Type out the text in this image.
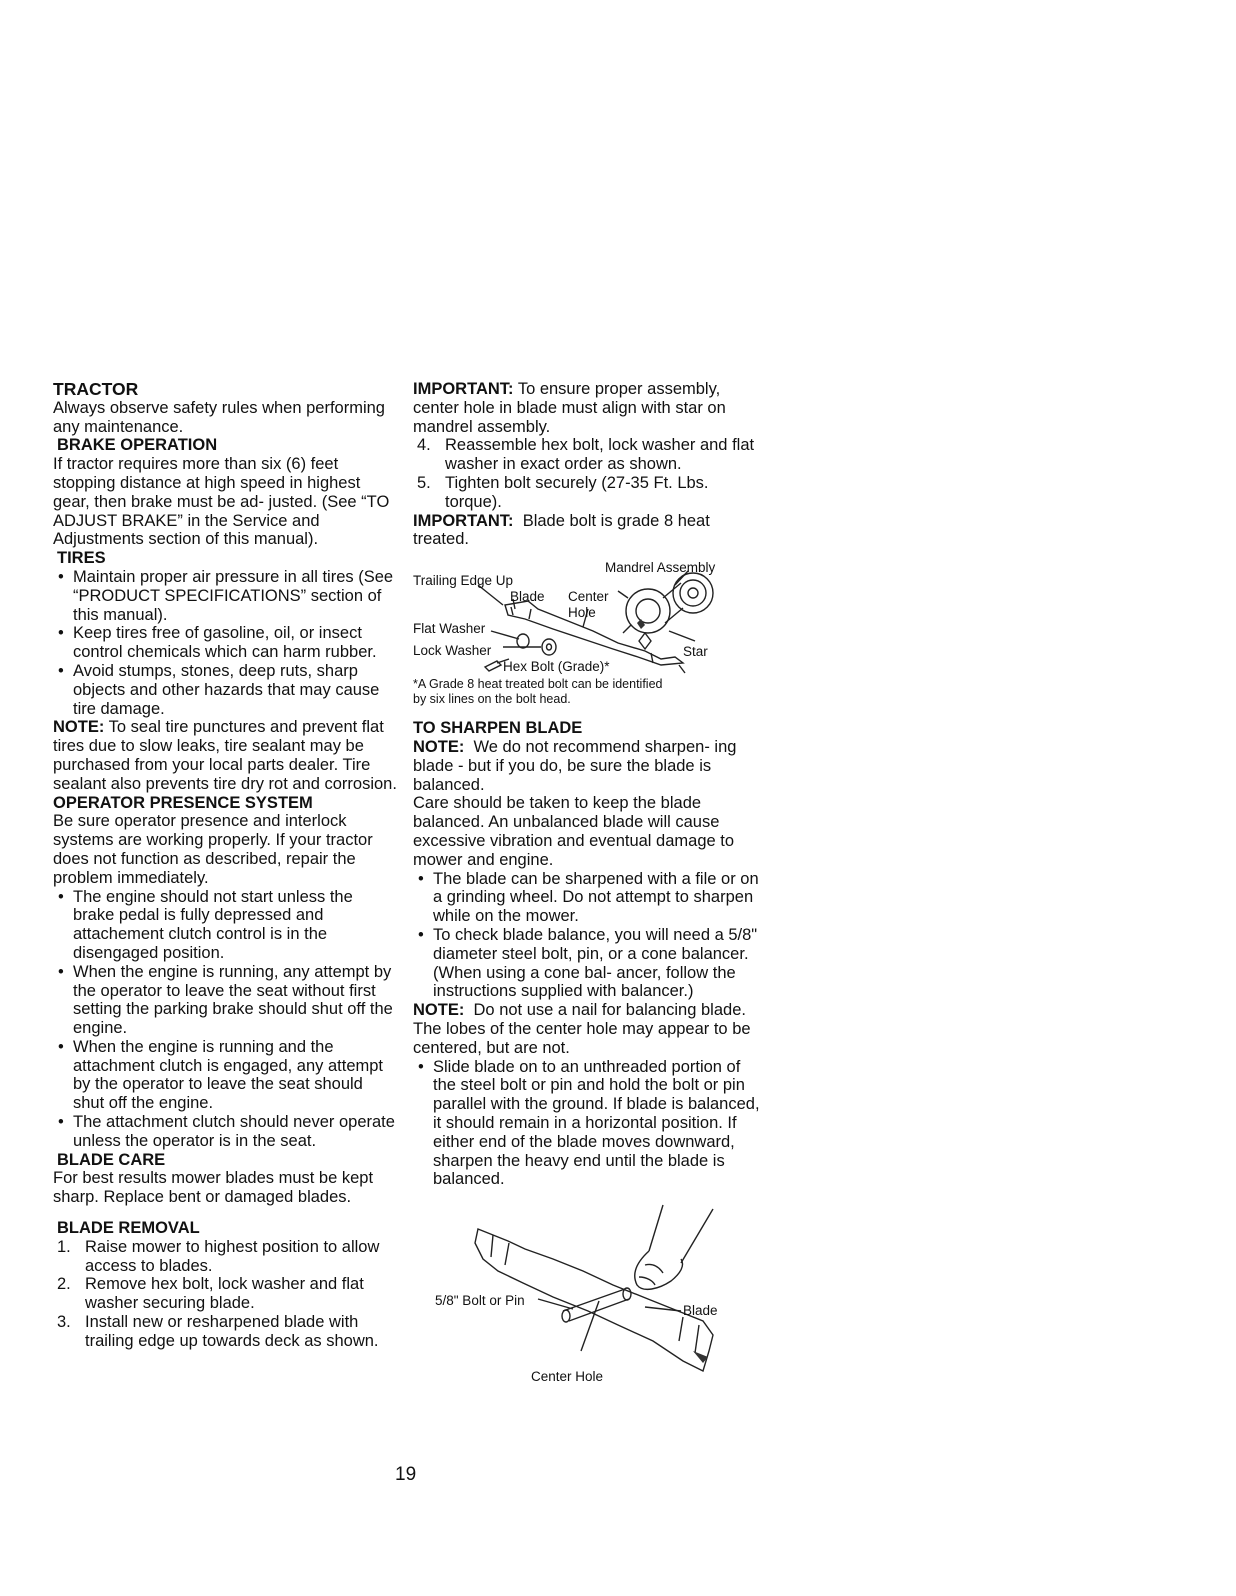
TRACTOR

Always observe safety rules when performing any maintenance.

BRAKE OPERATION

If tractor requires more than six (6) feet stopping distance at high speed in highest gear, then brake must be ad- justed. (See “TO ADJUST BRAKE” in the Service and Adjustments section of this manual).

TIRES

• Maintain proper air pressure in all tires (See “PRODUCT SPECIFICATIONS” section of this manual).
• Keep tires free of gasoline, oil, or insect control chemicals which can harm rubber.
• Avoid stumps, stones, deep ruts, sharp objects and other hazards that may cause tire damage.

NOTE: To seal tire punctures and prevent flat tires due to slow leaks, tire sealant may be purchased from your local parts dealer. Tire sealant also prevents tire dry rot and corrosion.

OPERATOR PRESENCE SYSTEM

Be sure operator presence and interlock systems are working properly. If your tractor does not function as described, repair the problem immediately.

• The engine should not start unless the brake pedal is fully depressed and attachement clutch control is in the disengaged position.
• When the engine is running, any attempt by the operator to leave the seat without first setting the parking brake should shut off the engine.
• When the engine is running and the attachment clutch is engaged, any attempt by the operator to leave the seat should shut off the engine.
• The attachment clutch should never operate unless the operator is in the seat.

BLADE CARE

For best results mower blades must be kept sharp. Replace bent or damaged blades.

BLADE REMOVAL

1. Raise mower to highest position to allow access to blades.
2. Remove hex bolt, lock washer and flat washer securing blade.
3. Install new or resharpened blade with trailing edge up towards deck as shown.

IMPORTANT: To ensure proper assembly, center hole in blade must align with star on mandrel assembly.

4. Reassemble hex bolt, lock washer and flat washer in exact order as shown.
5. Tighten bolt securely (27-35 Ft. Lbs. torque).

IMPORTANT: Blade bolt is grade 8 heat treated.

Trailing Edge Up
Mandrel Assembly
Blade Center
Hole
Flat Washer
Lock Washer	Star
Hex Bolt (Grade)*

*A Grade 8 heat treated bolt can be identified

by six lines on the bolt head.

TO SHARPEN BLADE

NOTE: We do not recommend sharpen- ing blade - but if you do, be sure the blade is balanced.

Care should be taken to keep the blade balanced. An unbalanced blade will cause excessive vibration and eventual damage to mower and engine.

• The blade can be sharpened with a file or on a grinding wheel. Do not attempt to sharpen while on the mower.
• To check blade balance, you will need a 5/8" diameter steel bolt, pin, or a cone balancer. (When using a cone bal- ancer, follow the instructions supplied with balancer.)

NOTE: Do not use a nail for balancing blade. The lobes of the center hole may appear to be centered, but are not.

• Slide blade on to an unthreaded portion of the steel bolt or pin and hold the bolt or pin parallel with the ground. If blade is balanced, it should remain in a horizontal position. If either end of the blade moves downward, sharpen the heavy end until the blade is balanced.
5/8" Bolt or Pin
Blade
Center Hole
19
